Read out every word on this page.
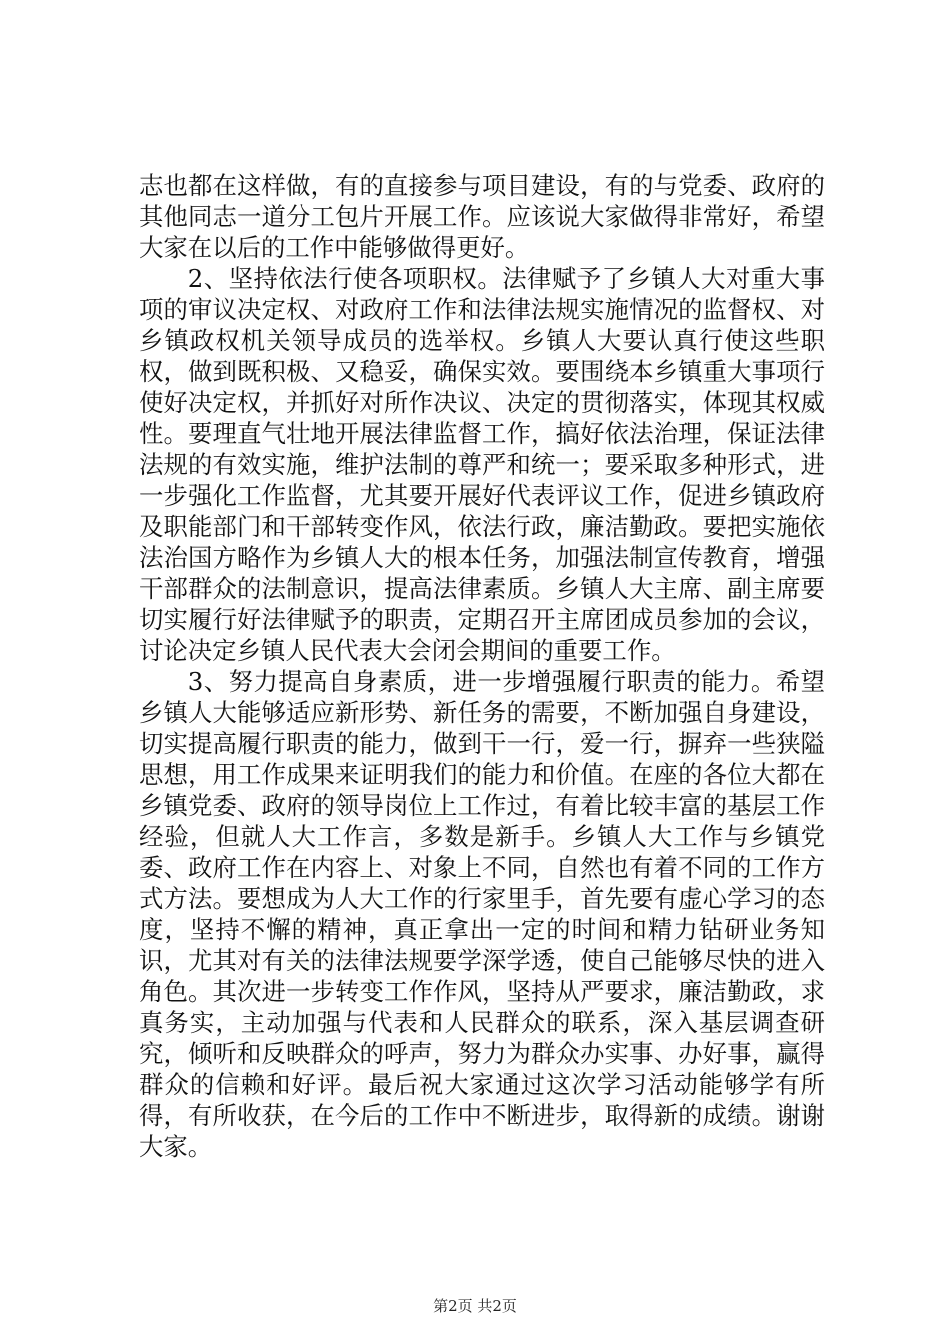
志也都在这样做，有的直接参与项目建设，有的与党委、政府的其他同志一道分工包片开展工作。应该说大家做得非常好，希望大家在以后的工作中能够做得更好。

2、坚持依法行使各项职权。法律赋予了乡镇人大对重大事项的审议决定权、对政府工作和法律法规实施情况的监督权、对乡镇政权机关领导成员的选举权。乡镇人大要认真行使这些职权，做到既积极、又稳妥，确保实效。要围绕本乡镇重大事项行使好决定权，并抓好对所作决议、决定的贯彻落实，体现其权威性。要理直气壮地开展法律监督工作，搞好依法治理，保证法律法规的有效实施，维护法制的尊严和统一；要采取多种形式，进一步强化工作监督，尤其要开展好代表评议工作，促进乡镇政府及职能部门和干部转变作风，依法行政，廉洁勤政。要把实施依法治国方略作为乡镇人大的根本任务，加强法制宣传教育，增强干部群众的法制意识，提高法律素质。乡镇人大主席、副主席要切实履行好法律赋予的职责，定期召开主席团成员参加的会议，讨论决定乡镇人民代表大会闭会期间的重要工作。

3、努力提高自身素质，进一步增强履行职责的能力。希望乡镇人大能够适应新形势、新任务的需要，不断加强自身建设，切实提高履行职责的能力，做到干一行，爱一行，摒弃一些狭隘思想，用工作成果来证明我们的能力和价值。在座的各位大都在乡镇党委、政府的领导岗位上工作过，有着比较丰富的基层工作经验，但就人大工作言，多数是新手。乡镇人大工作与乡镇党委、政府工作在内容上、对象上不同，自然也有着不同的工作方式方法。要想成为人大工作的行家里手，首先要有虚心学习的态度，坚持不懈的精神，真正拿出一定的时间和精力钻研业务知识，尤其对有关的法律法规要学深学透，使自己能够尽快的进入角色。其次进一步转变工作作风，坚持从严要求，廉洁勤政，求真务实，主动加强与代表和人民群众的联系，深入基层调查研究，倾听和反映群众的呼声，努力为群众办实事、办好事，赢得群众的信赖和好评。最后祝大家通过这次学习活动能够学有所得，有所收获，在今后的工作中不断进步，取得新的成绩。谢谢大家。

第2页 共2页
